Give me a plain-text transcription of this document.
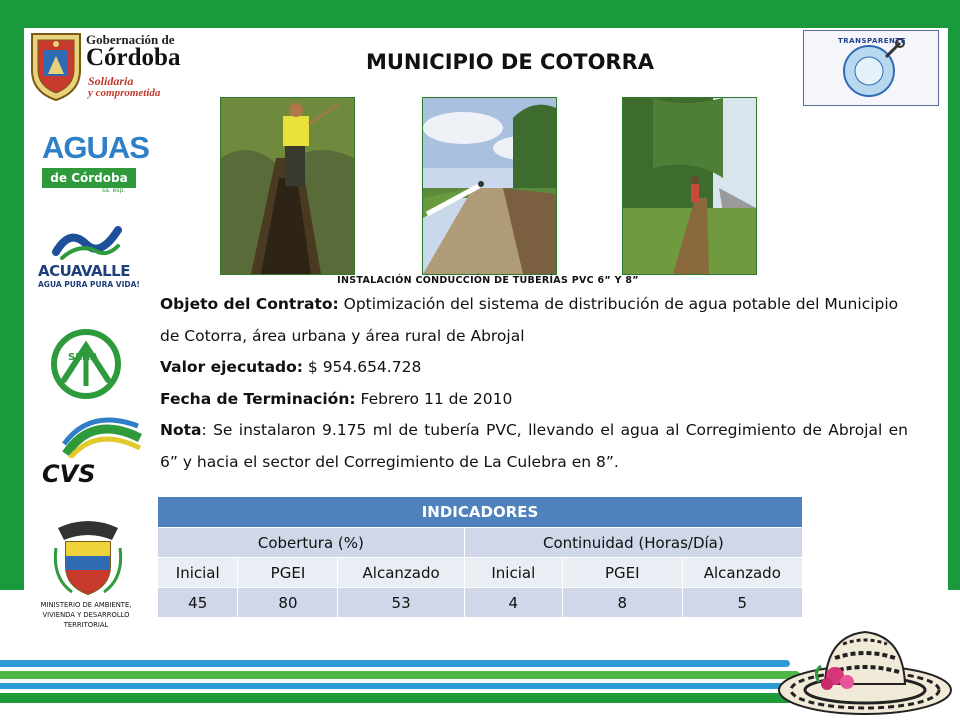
Gobernación de
Córdoba
Solidaria
y comprometida
MUNICIPIO DE COTORRA
TRANSPARENTE
AGUAS
de Córdoba
sa. esp.
ACUAVALLE
AGUA PURA PURA VIDA!
SENA
CVS
MINISTERIO DE AMBIENTE, VIVIENDA Y DESARROLLO TERRITORIAL
INSTALACIÓN CONDUCCIÓN DE TUBERÍAS PVC 6” Y 8”

Objeto del Contrato: Optimización del sistema de distribución de agua potable del Municipio de Cotorra, área urbana y área rural de Abrojal

Valor ejecutado: $ 954.654.728

Fecha de Terminación: Febrero 11 de 2010

Nota: Se instalaron 9.175 ml de tubería PVC, llevando el agua al Corregimiento de Abrojal en 6” y hacia el sector del Corregimiento de La Culebra en 8”.

INDICADORES					
Cobertura (%)			Continuidad (Horas/Día)		
Inicial	PGEI	Alcanzado	Inicial	PGEI	Alcanzado
45	80	53	4	8	5
